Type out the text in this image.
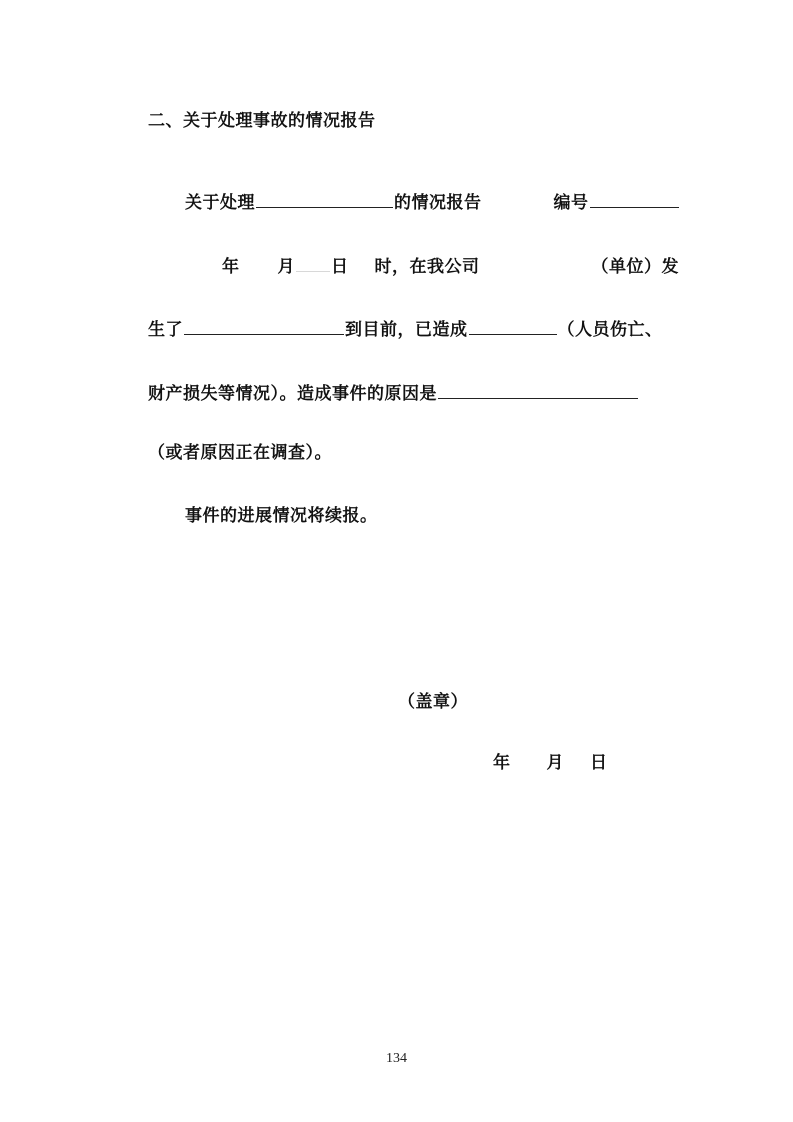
二、关于处理事故的情况报告
关于处理	的情况报告	编号
年 月 日 时，在我公司	（单位）发
生了	到目前，已造成	（人员伤亡、
财产损失等情况）。造成事件的原因是
（或者原因正在调查）。
事件的进展情况将续报。
（盖章）
年 月 日
134
